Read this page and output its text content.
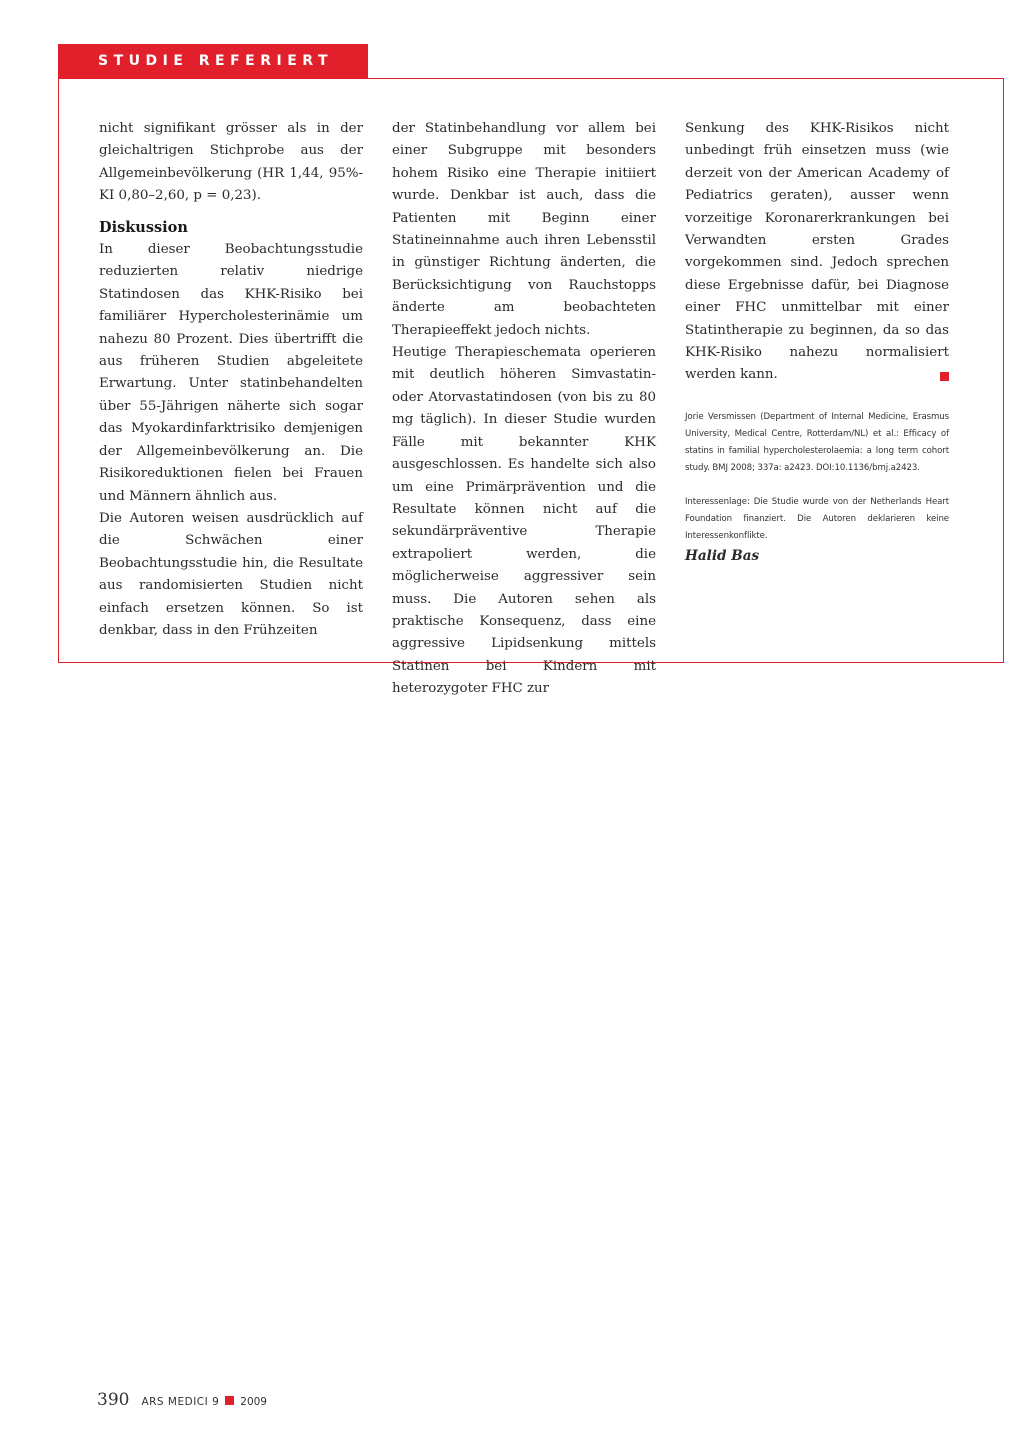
STUDIE REFERIERT

nicht signifikant grösser als in der gleichaltrigen Stichprobe aus der Allgemeinbevölkerung (HR 1,44, 95%-KI 0,80–2,60, p = 0,23).

Diskussion

In dieser Beobachtungsstudie reduzierten relativ niedrige Statindosen das KHK-Risiko bei familiärer Hypercholesterinämie um nahezu 80 Prozent. Dies übertrifft die aus früheren Studien abgeleitete Erwartung. Unter statinbehandelten über 55-Jährigen näherte sich sogar das Myokardinfarktrisiko demjenigen der Allgemeinbevölkerung an. Die Risikoreduktionen fielen bei Frauen und Männern ähnlich aus.

Die Autoren weisen ausdrücklich auf die Schwächen einer Beobachtungsstudie hin, die Resultate aus randomisierten Studien nicht einfach ersetzen können. So ist denkbar, dass in den Frühzeiten

der Statinbehandlung vor allem bei einer Subgruppe mit besonders hohem Risiko eine Therapie initiiert wurde. Denkbar ist auch, dass die Patienten mit Beginn einer Statineinnahme auch ihren Lebensstil in günstiger Richtung änderten, die Berücksichtigung von Rauchstopps änderte am beobachteten Therapieeffekt jedoch nichts.

Heutige Therapieschemata operieren mit deutlich höheren Simvastatin- oder Atorvastatindosen (von bis zu 80 mg täglich). In dieser Studie wurden Fälle mit bekannter KHK ausgeschlossen. Es handelte sich also um eine Primärprävention und die Resultate können nicht auf die sekundärpräventive Therapie extrapoliert werden, die möglicherweise aggressiver sein muss. Die Autoren sehen als praktische Konsequenz, dass eine aggressive Lipidsenkung mittels Statinen bei Kindern mit heterozygoter FHC zur

Senkung des KHK-Risikos nicht unbedingt früh einsetzen muss (wie derzeit von der American Academy of Pediatrics geraten), ausser wenn vorzeitige Koronarerkrankungen bei Verwandten ersten Grades vorgekommen sind. Jedoch sprechen diese Ergebnisse dafür, bei Diagnose einer FHC unmittelbar mit einer Statintherapie zu beginnen, da so das KHK-Risiko nahezu normalisiert werden kann.

Jorie Versmissen (Department of Internal Medicine, Erasmus University, Medical Centre, Rotterdam/NL) et al.: Efficacy of statins in familial hypercholesterolaemia: a long term cohort study. BMJ 2008; 337a: a2423. DOI:10.1136/bmj.a2423.

Interessenlage: Die Studie wurde von der Netherlands Heart Foundation finanziert. Die Autoren deklarieren keine Interessenkonflikte.

Halid Bas

390 ARS MEDICI 9 2009
